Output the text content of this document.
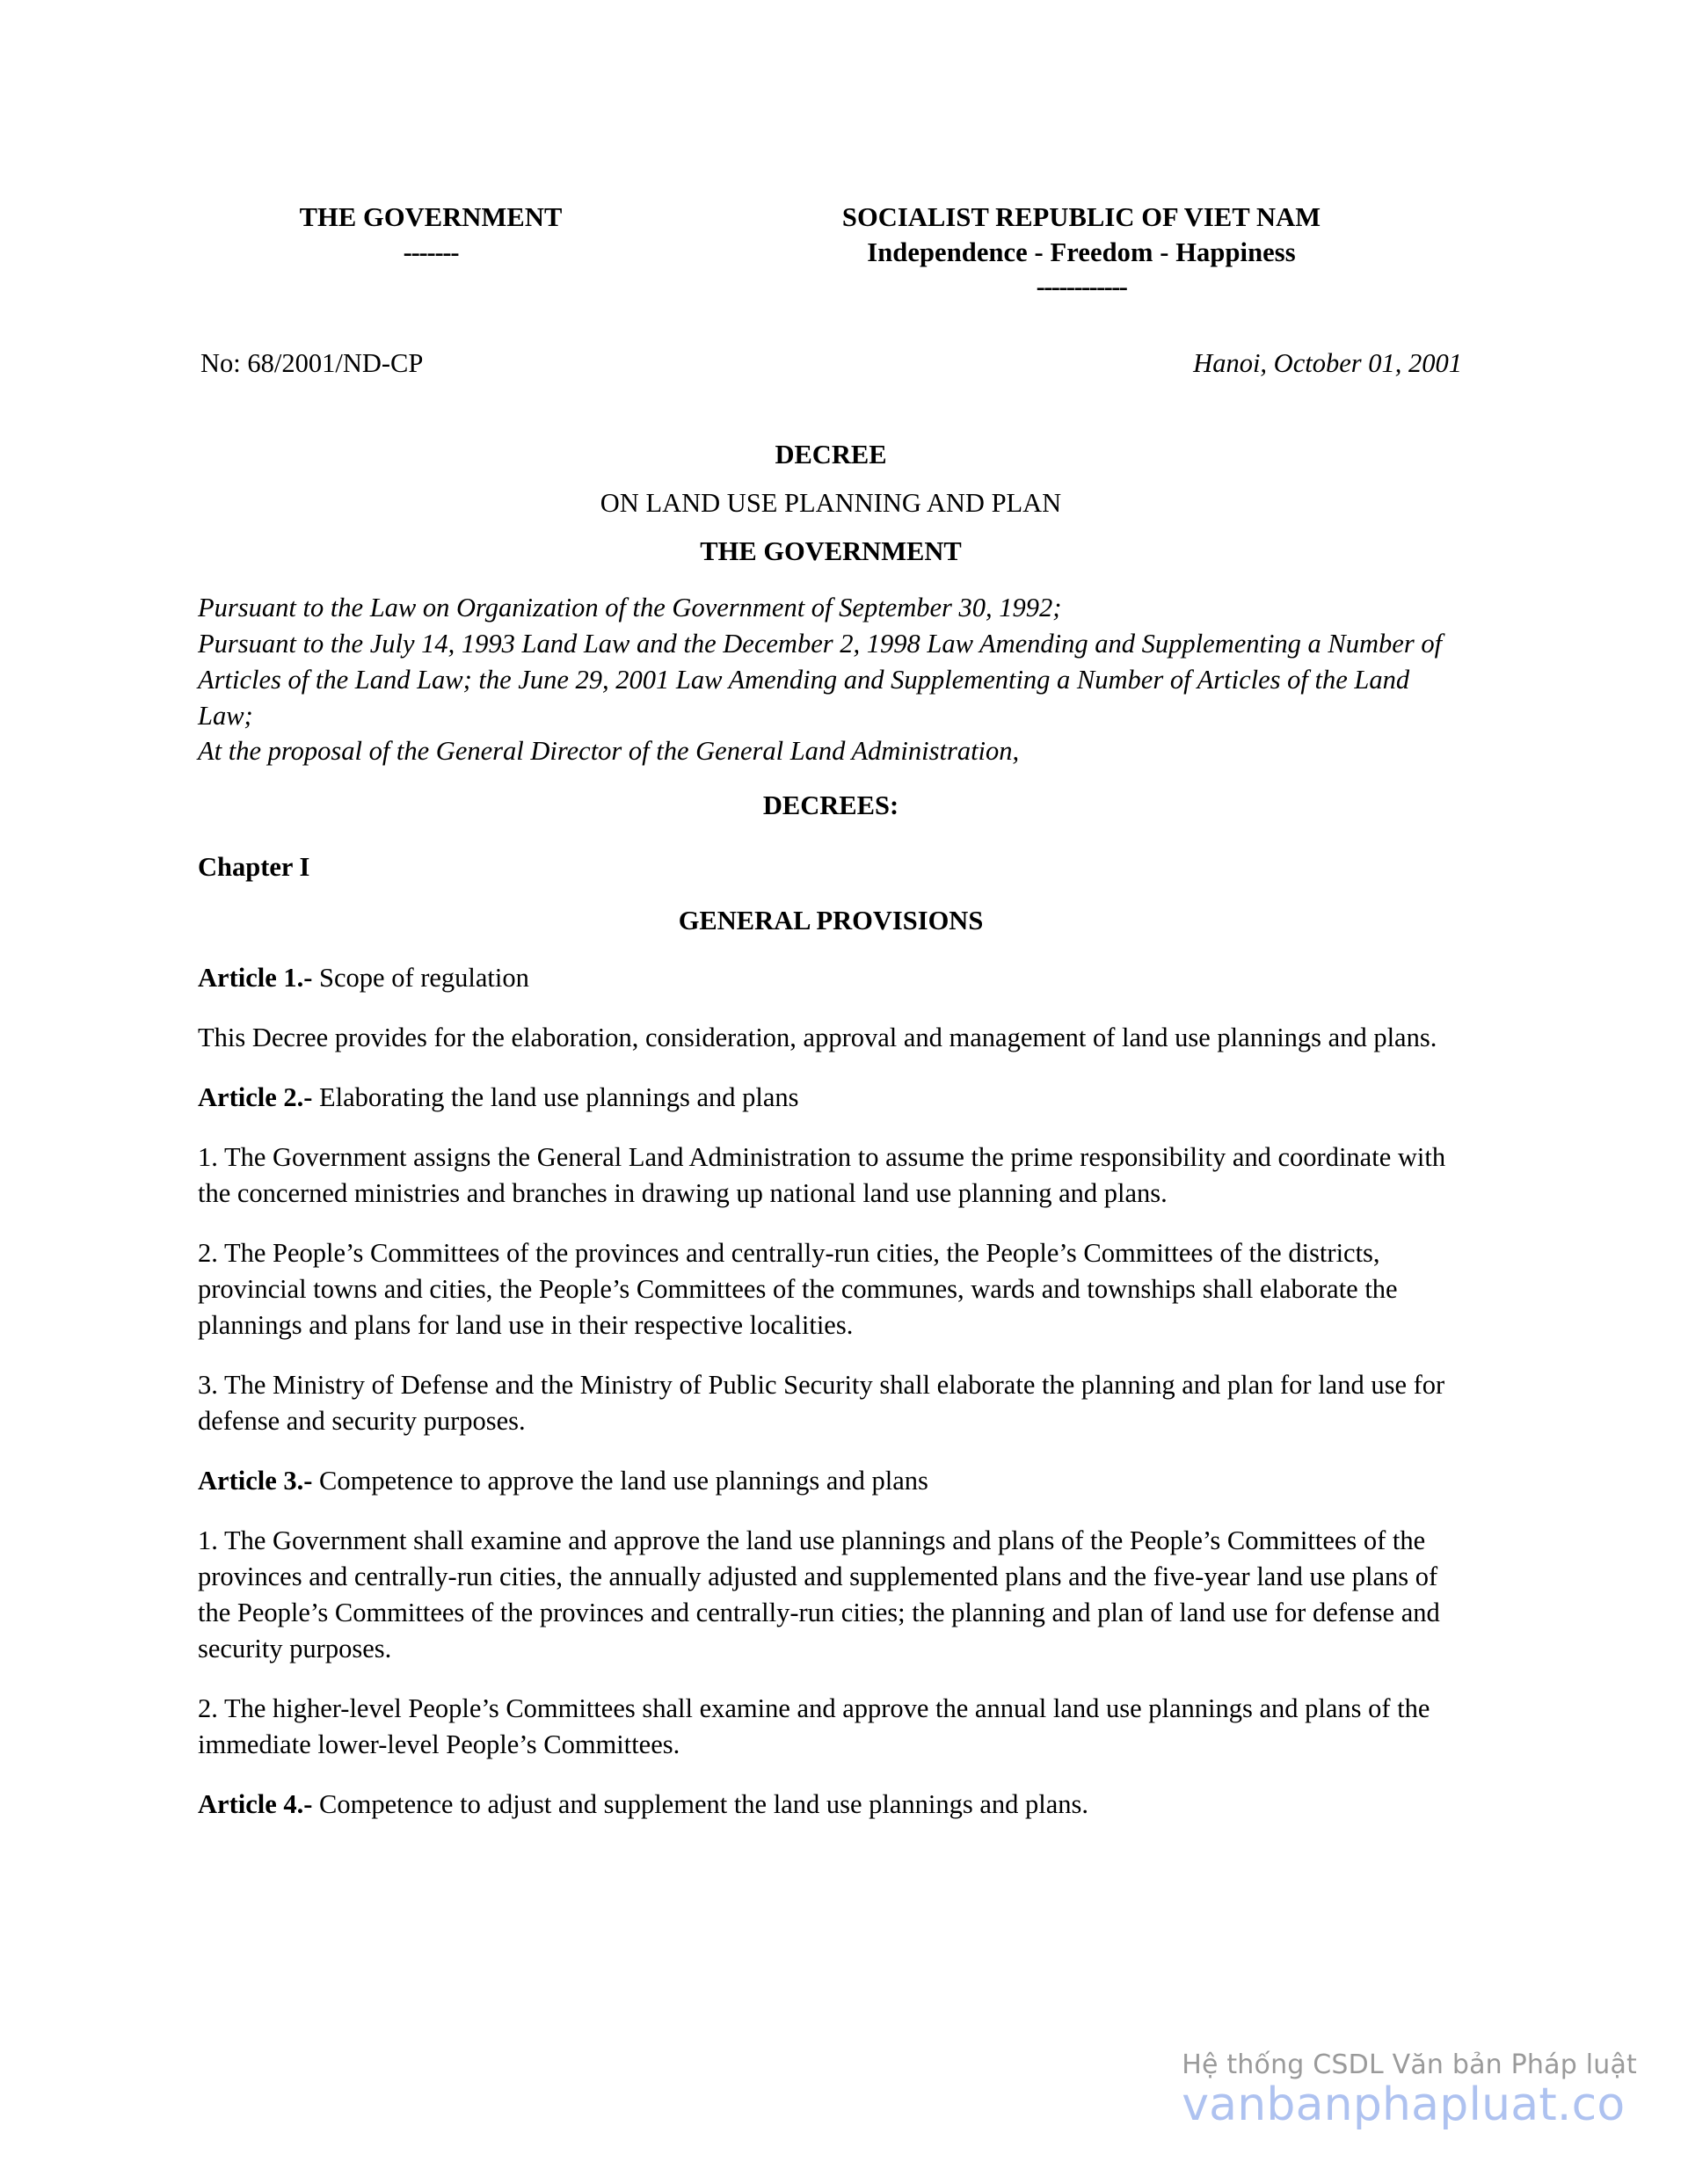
THE GOVERNMENT
-------
SOCIALIST REPUBLIC OF VIET NAM
Independence - Freedom - Happiness
------------
No: 68/2001/ND-CP	Hanoi, October 01, 2001
DECREE
ON LAND USE PLANNING AND PLAN
THE GOVERNMENT

Pursuant to the Law on Organization of the Government of September 30, 1992;

Pursuant to the July 14, 1993 Land Law and the December 2, 1998 Law Amending and Supplementing a Number of Articles of the Land Law; the June 29, 2001 Law Amending and Supplementing a Number of Articles of the Land Law;

At the proposal of the General Director of the General Land Administration,

DECREES:
Chapter I
GENERAL PROVISIONS
Article 1.- Scope of regulation
This Decree provides for the elaboration, consideration, approval and management of land use plannings and plans.
Article 2.- Elaborating the land use plannings and plans
1. The Government assigns the General Land Administration to assume the prime responsibility and coordinate with the concerned ministries and branches in drawing up national land use planning and plans.
2. The People’s Committees of the provinces and centrally-run cities, the People’s Committees of the districts, provincial towns and cities, the People’s Committees of the communes, wards and townships shall elaborate the plannings and plans for land use in their respective localities.
3. The Ministry of Defense and the Ministry of Public Security shall elaborate the planning and plan for land use for defense and security purposes.
Article 3.- Competence to approve the land use plannings and plans
1. The Government shall examine and approve the land use plannings and plans of the People’s Committees of the provinces and centrally-run cities, the annually adjusted and supplemented plans and the five-year land use plans of the People’s Committees of the provinces and centrally-run cities; the planning and plan of land use for defense and security purposes.
2. The higher-level People’s Committees shall examine and approve the annual land use plannings and plans of the immediate lower-level People’s Committees.
Article 4.- Competence to adjust and supplement the land use plannings and plans.
Hệ thống CSDL Văn bản Pháp luật
vanbanphapluat.co
